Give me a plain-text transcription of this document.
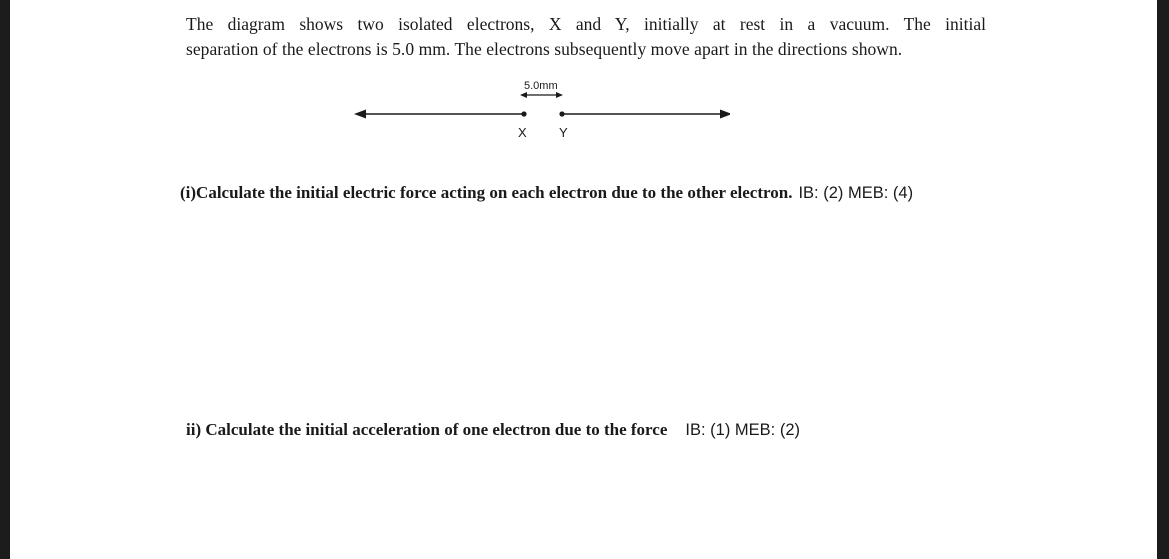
The diagram shows two isolated electrons, X and Y, initially at rest in a vacuum. The initial
separation of the electrons is 5.0 mm. The electrons subsequently move apart in the directions shown.
5.0mm
X Y
(i)Calculate the initial electric force acting on each electron due to the other electron. IB: (2) MEB: (4)
ii) Calculate the initial acceleration of one electron due to the force IB: (1) MEB: (2)
